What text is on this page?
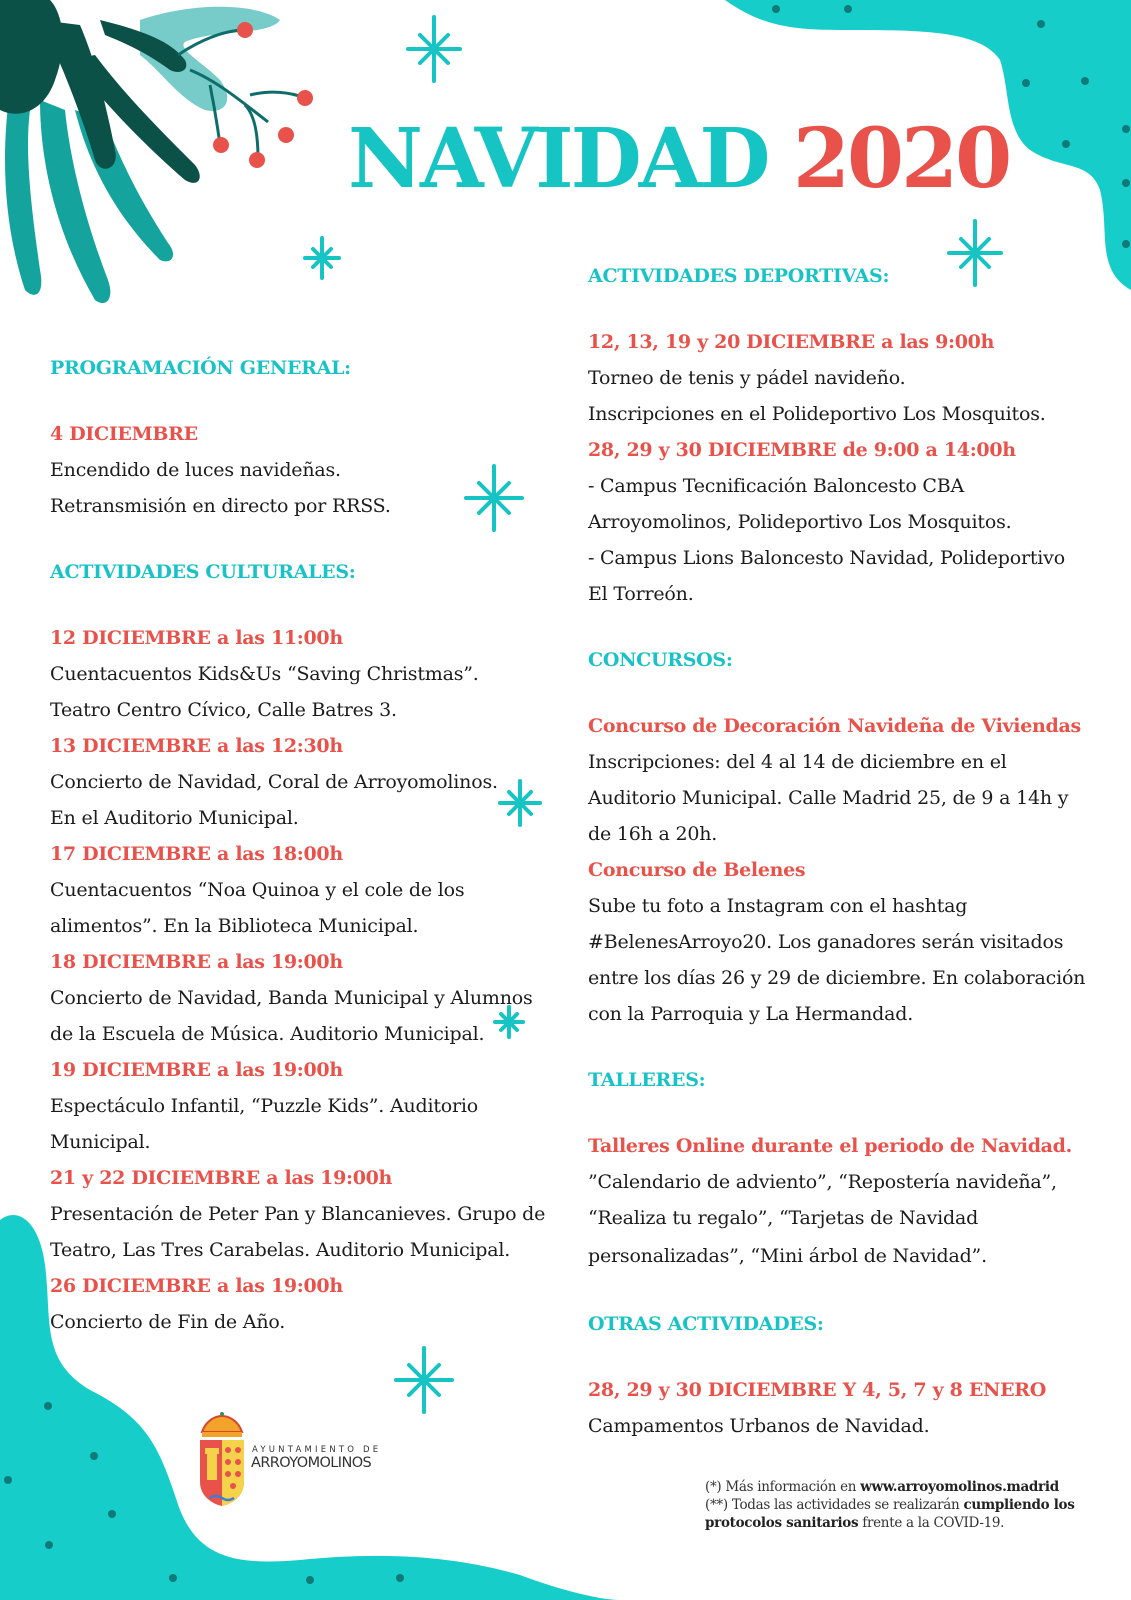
NAVIDAD 2020
PROGRAMACIÓN GENERAL:
4 DICIEMBRE
Encendido de luces navideñas.
Retransmisión en directo por RRSS.
ACTIVIDADES CULTURALES:
12 DICIEMBRE a las 11:00h
Cuentacuentos Kids&Us “Saving Christmas”.
Teatro Centro Cívico, Calle Batres 3.
13 DICIEMBRE a las 12:30h
Concierto de Navidad, Coral de Arroyomolinos.
En el Auditorio Municipal.
17 DICIEMBRE a las 18:00h
Cuentacuentos “Noa Quinoa y el cole de los
alimentos”. En la Biblioteca Municipal.
18 DICIEMBRE a las 19:00h
Concierto de Navidad, Banda Municipal y Alumnos
de la Escuela de Música. Auditorio Municipal.
19 DICIEMBRE a las 19:00h
Espectáculo Infantil, “Puzzle Kids”. Auditorio
Municipal.
21 y 22 DICIEMBRE a las 19:00h
Presentación de Peter Pan y Blancanieves. Grupo de
Teatro, Las Tres Carabelas. Auditorio Municipal.
26 DICIEMBRE a las 19:00h
Concierto de Fin de Año.
ACTIVIDADES DEPORTIVAS:
12, 13, 19 y 20 DICIEMBRE a las 9:00h
Torneo de tenis y pádel navideño.
Inscripciones en el Polideportivo Los Mosquitos.
28, 29 y 30 DICIEMBRE de 9:00 a 14:00h
- Campus Tecnificación Baloncesto CBA
Arroyomolinos, Polideportivo Los Mosquitos.
- Campus Lions Baloncesto Navidad, Polideportivo
El Torreón.
CONCURSOS:
Concurso de Decoración Navideña de Viviendas
Inscripciones: del 4 al 14 de diciembre en el
Auditorio Municipal. Calle Madrid 25, de 9 a 14h y
de 16h a 20h.
Concurso de Belenes
Sube tu foto a Instagram con el hashtag
#BelenesArroyo20. Los ganadores serán visitados
entre los días 26 y 29 de diciembre. En colaboración
con la Parroquia y La Hermandad.
TALLERES:
Talleres Online durante el periodo de Navidad.
”Calendario de adviento”, “Repostería navideña”,
“Realiza tu regalo”, “Tarjetas de Navidad
personalizadas”, “Mini árbol de Navidad”.
OTRAS ACTIVIDADES:
28, 29 y 30 DICIEMBRE Y 4, 5, 7 y 8 ENERO
Campamentos Urbanos de Navidad.
AYUNTAMIENTO DE
ARROYOMOLINOS
(*) Más información en www.arroyomolinos.madrid
(**) Todas las actividades se realizarán cumpliendo los protocolos sanitarios frente a la COVID-19.
